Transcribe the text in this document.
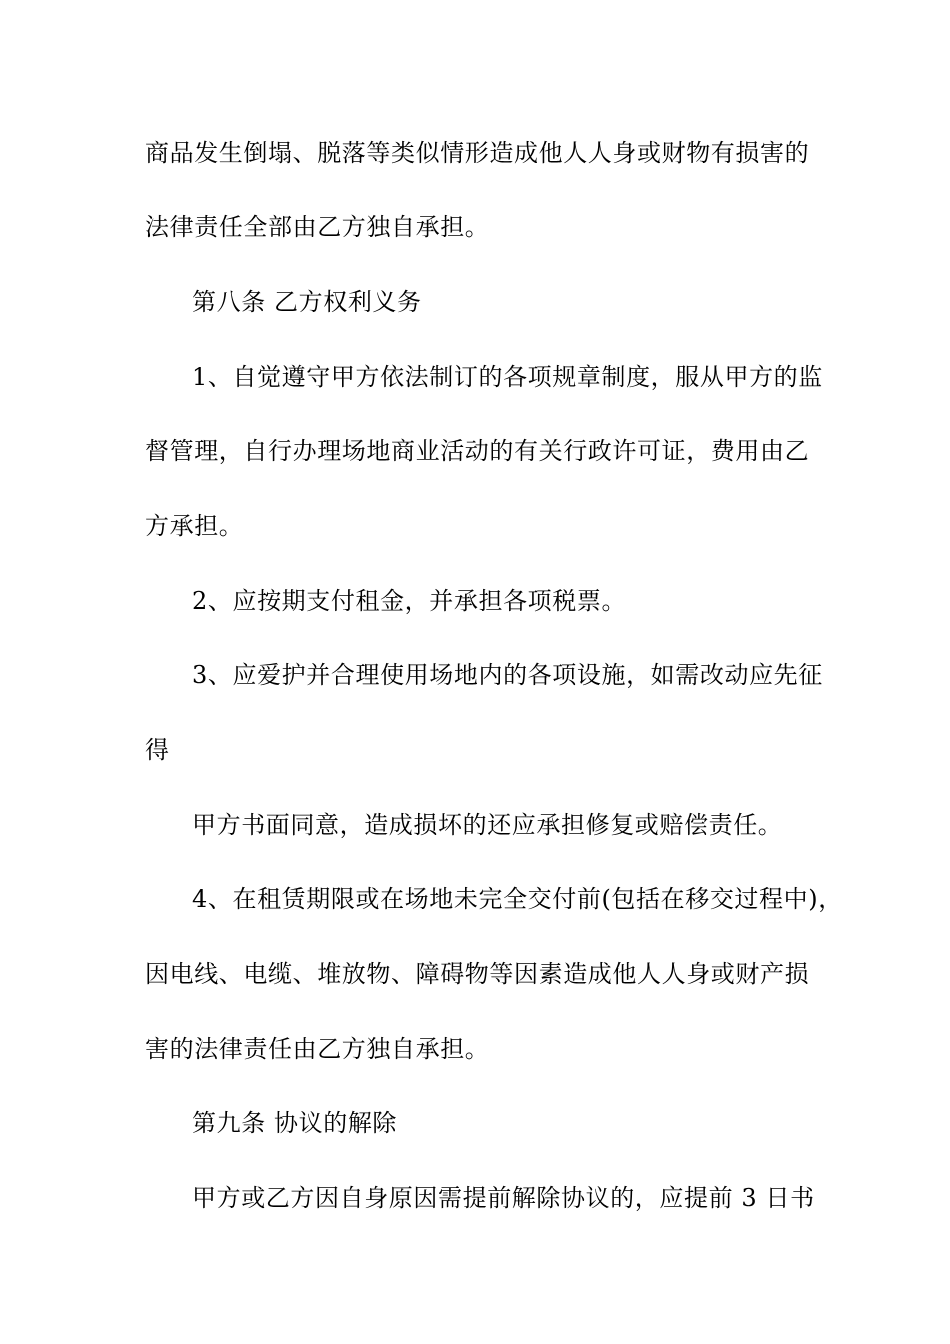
商品发生倒塌、脱落等类似情形造成他人人身或财物有损害的
法律责任全部由乙方独自承担。
第八条 乙方权利义务
1、自觉遵守甲方依法制订的各项规章制度，服从甲方的监
督管理，自行办理场地商业活动的有关行政许可证，费用由乙
方承担。
2、应按期支付租金，并承担各项税票。
3、应爱护并合理使用场地内的各项设施，如需改动应先征
得
甲方书面同意，造成损坏的还应承担修复或赔偿责任。
4、在租赁期限或在场地未完全交付前(包括在移交过程中)，
因电线、电缆、堆放物、障碍物等因素造成他人人身或财产损
害的法律责任由乙方独自承担。
第九条 协议的解除
甲方或乙方因自身原因需提前解除协议的，应提前 3 日书
